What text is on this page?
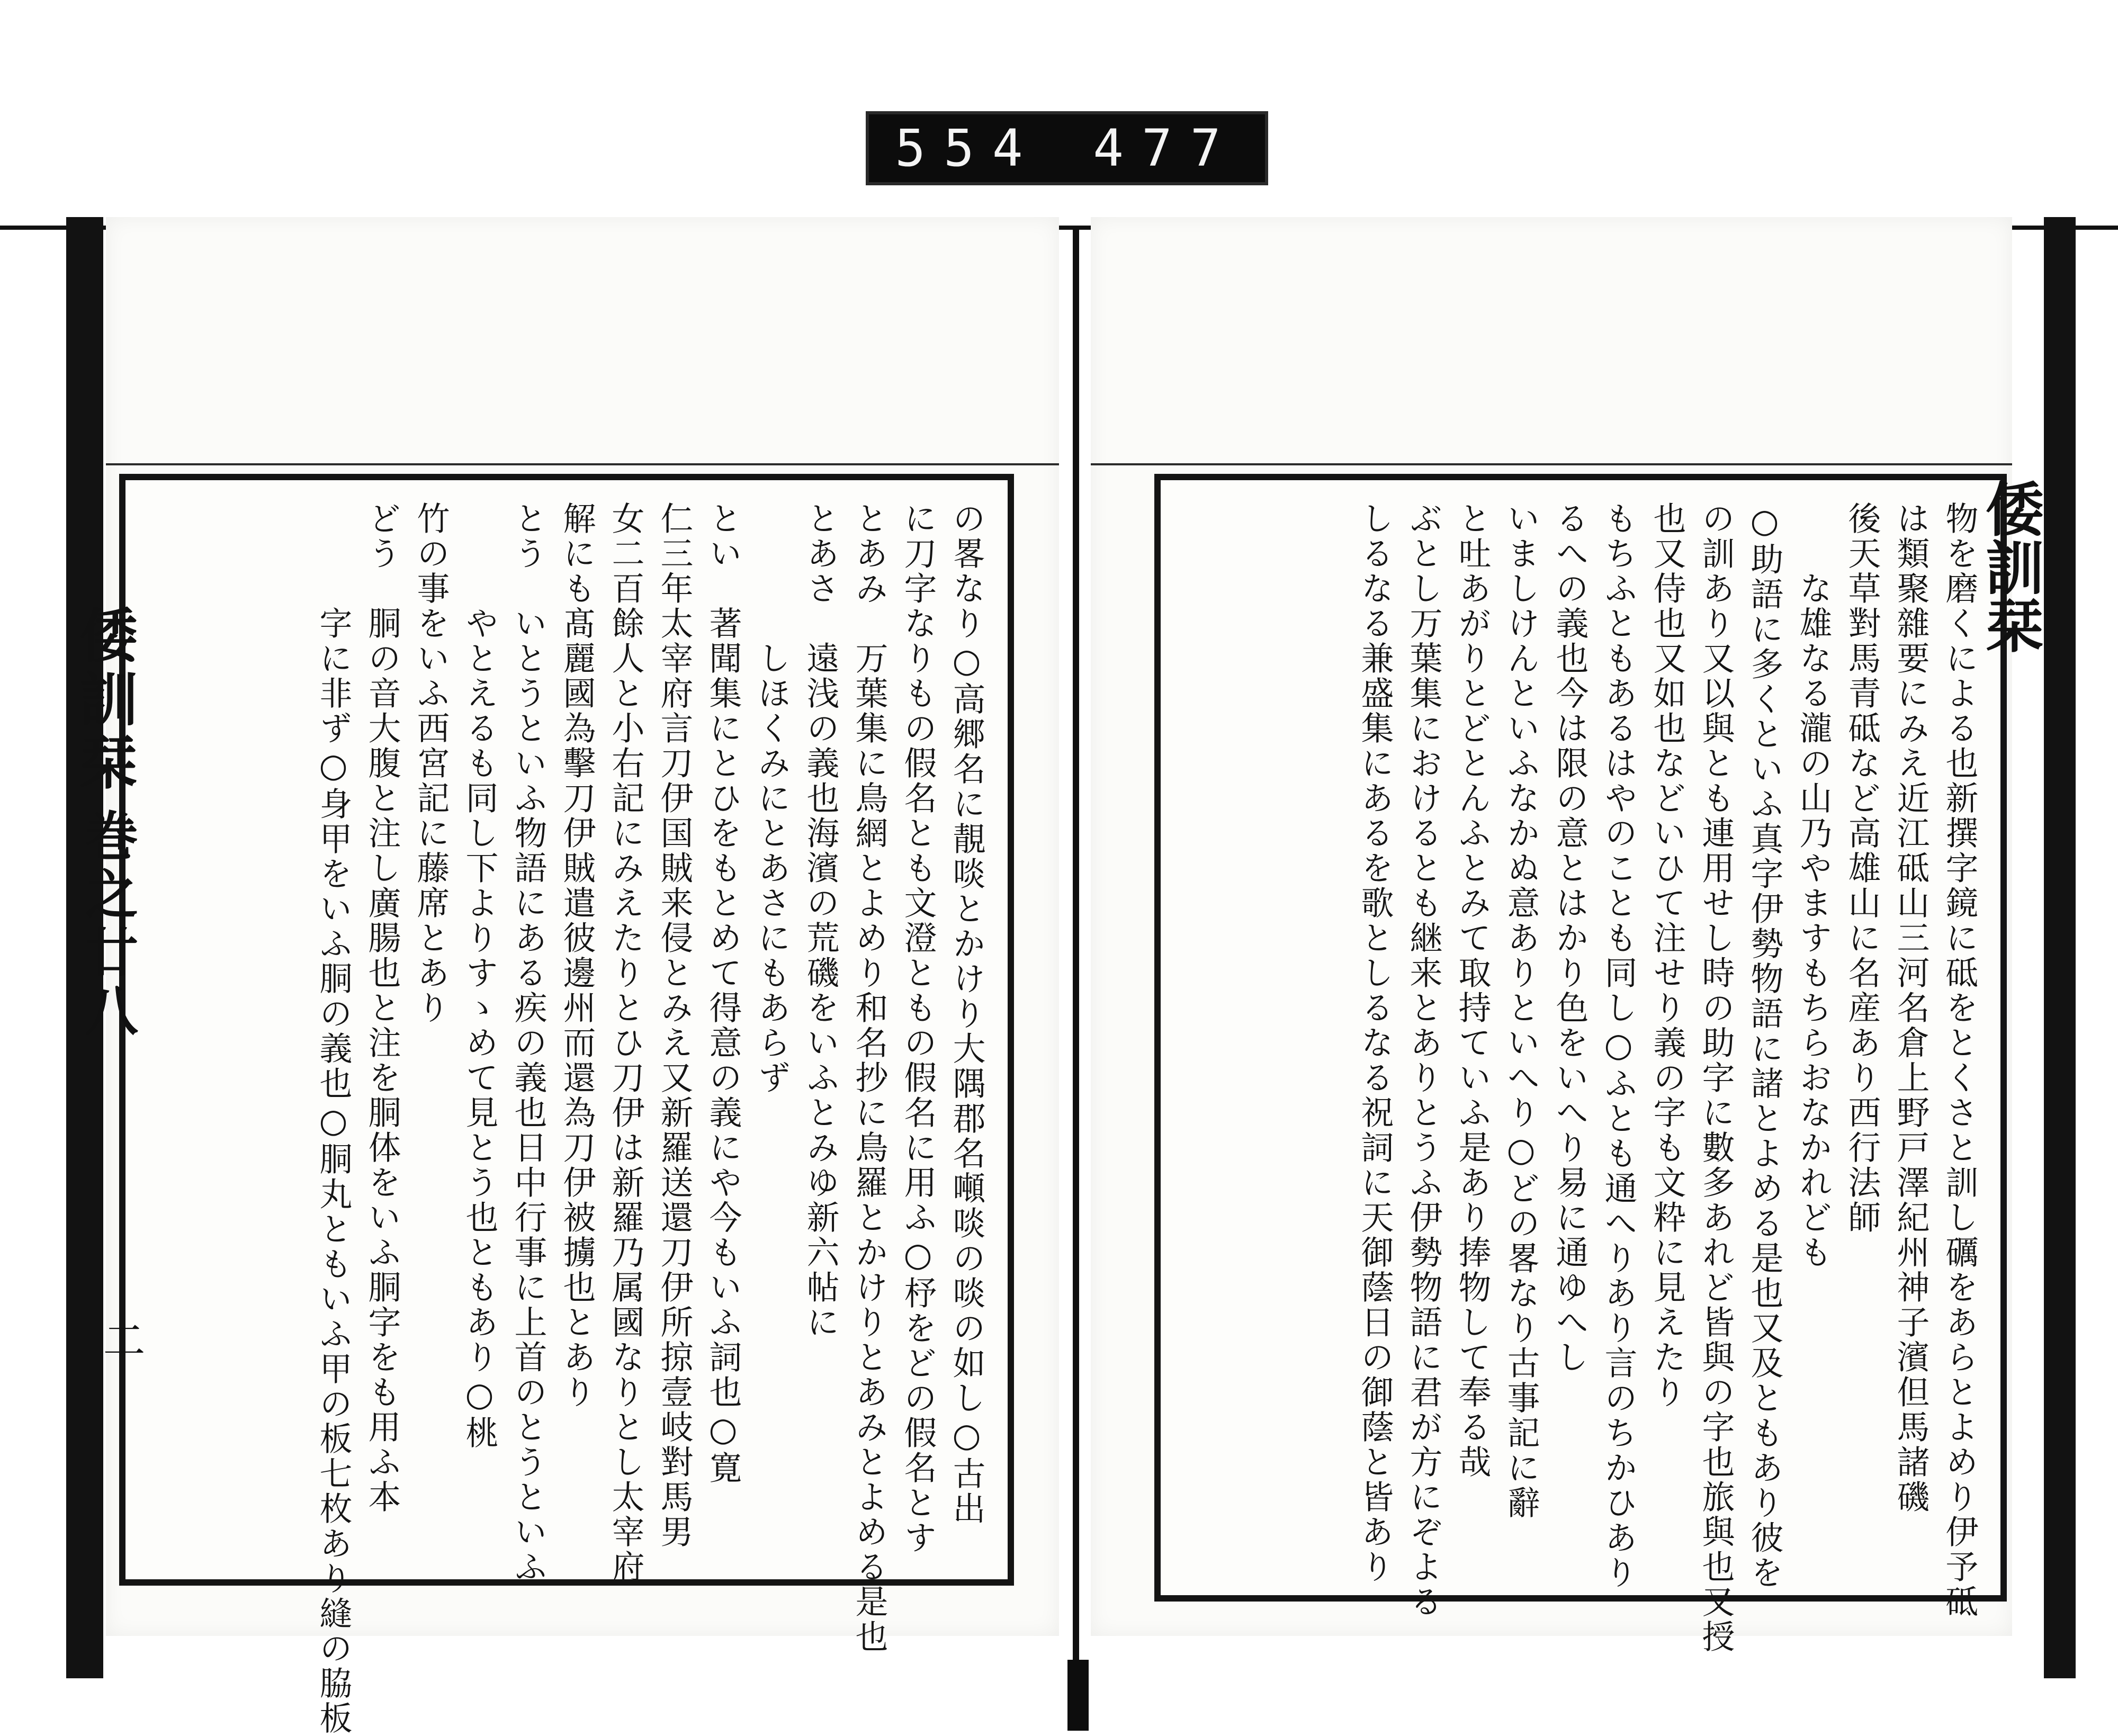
554 477
の畧なり○高郷名に靚啖とかけり大隅郡名噸啖の啖の如し○古出
に刀字なりもの假名とも文澄ともの假名に用ふ○杼をどの假名とす
とあみ　万葉集に鳥網とよめり和名抄に鳥羅とかけりとあみとよめる是也
とあさ　遠浅の義也海濱の荒磯をいふとみゆ新六帖に
　　　　しほくみにとあさにもあらず
とい　著聞集にとひをもとめて得意の義にや今もいふ詞也○寛
仁三年太宰府言刀伊国賊来侵とみえ又新羅送還刀伊所掠壹岐對馬男
女二百餘人と小右記にみえたりとひ刀伊は新羅乃属國なりとし太宰府
解にも髙麗國為擊刀伊賊遣彼邊州而還為刀伊被擄也とあり
とう　いとうといふ物語にある疾の義也日中行事に上首のとうといふ
　　　やとえるも同し下よりすゝめて見とう也ともあり○桃
竹の事をいふ西宮記に藤席とあり
どう　胴の音大腹と注し廣腸也と注を胴体をいふ胴字をも用ふ本
　　　字に非ず○身甲をいふ胴の義也○胴丸ともいふ甲の板七枚あり縫の脇板
倭訓栞
巻之廿八
二	物を磨くによる也新撰字鏡に砥をとくさと訓し礪をあらとよめり伊予砥
は類聚雜要にみえ近江砥山三河名倉上野戸澤紀州神子濱但馬諸磯
後天草對馬青砥など高雄山に名産あり西行法師
　　な雄なる瀧の山乃やますもちらおなかれども
○助語に多くといふ真字伊勢物語に諸とよめる是也又及ともあり彼を
の訓あり又以與とも連用せし時の助字に數多あれど皆與の字也旅與也又授
也又侍也又如也などいひて注せり義の字も文粋に見えたり
もちふともあるはやのことも同し○ふとも通へりあり言のちかひあり
るへの義也今は限の意とはかり色をいへり易に通ゆへし
いましけんといふなかぬ意ありといへり○どの畧なり古事記に辭
と吐あがりとどとんふとみて取持ていふ是あり捧物して奉る哉
ぶとし万葉集におけるとも継来とありとうふ伊勢物語に君が方にぞよる
しるなる兼盛集にあるを歌としるなる祝詞に天御蔭日の御蔭と皆あり	倭訓栞
